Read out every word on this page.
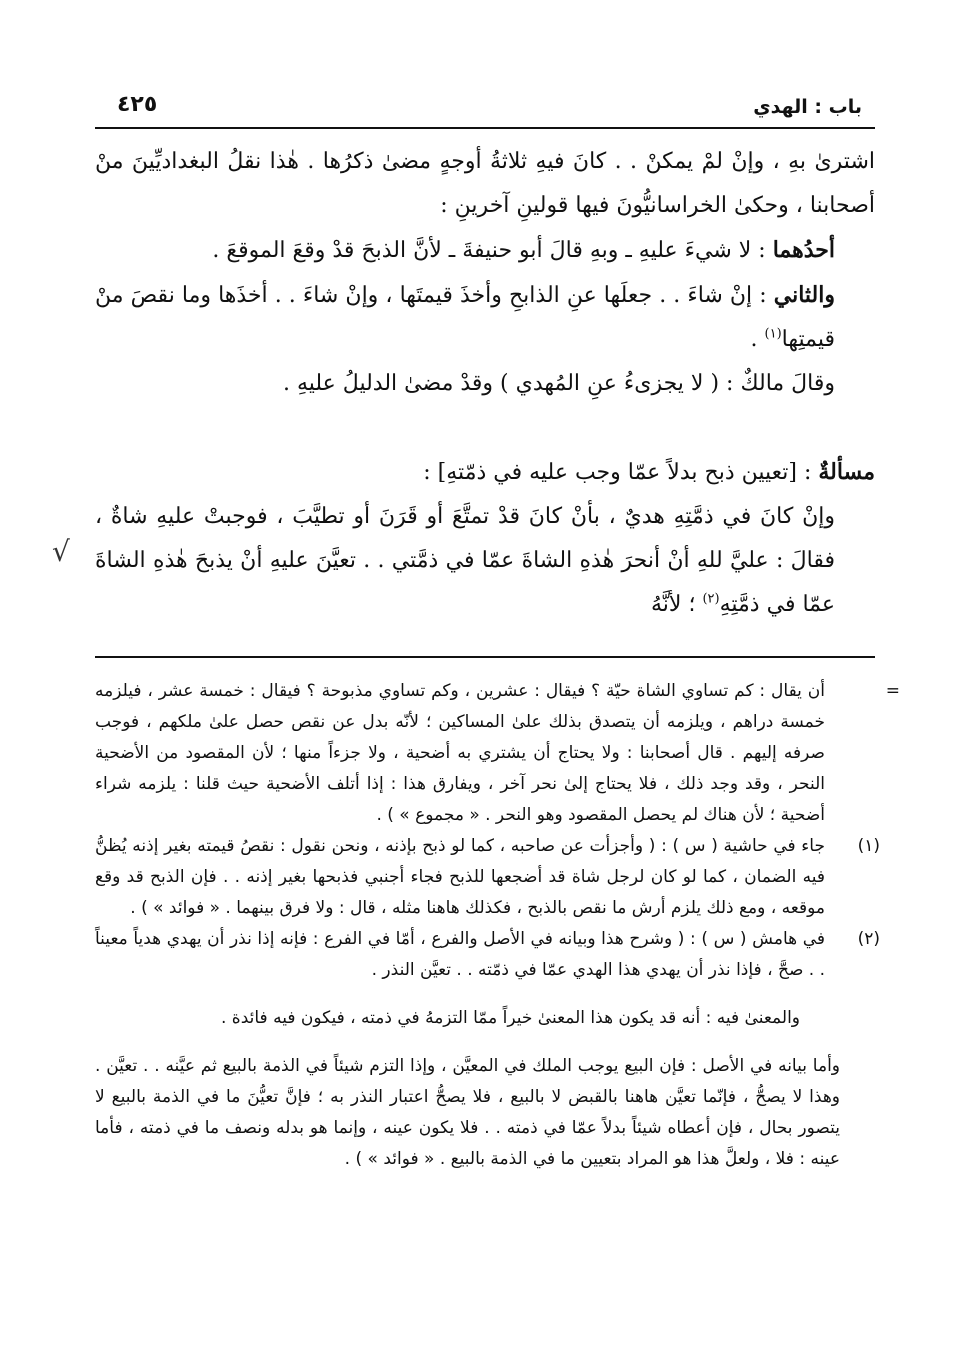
باب : الهدي
٤٢٥

اشترىٰ بهِ ، وإنْ لمْ يمكنْ . . كانَ فيهِ ثلاثةُ أوجهٍ مضىٰ ذكرُها . هٰذا نقلُ البغداديِّينَ منْ أصحابنا ، وحكىٰ الخراسانيُّونَ فيها قولينِ آخرينِ :

أحدُهما : لا شيءَ عليهِ ـ وبهِ قالَ أبو حنيفةَ ـ لأنَّ الذبحَ قدْ وقعَ الموقعَ .

والثاني : إنْ شاءَ . . جعلَها عنِ الذابحِ وأخذَ قيمتَها ، وإنْ شاءَ . . أخذَها وما نقصَ منْ قيمتِها$^{(١)}$ .

وقالَ مالكٌ : ( لا يجزىءُ عنِ المُهدي ) وقدْ مضىٰ الدليلُ عليهِ .

مسألةٌ : [تعيين ذبح بدلاً عمّا وجب عليه في ذمّتهِ] :

وإنْ كانَ في ذمَّتِهِ هديٌ ، بأنْ كانَ قدْ تمتَّعَ أو قَرَنَ أو تطيَّبَ ، فوجبتْ عليهِ شاةٌ ، فقالَ : عليَّ للهِ أنْ أنحرَ هٰذهِ الشاةَ عمّا في ذمَّتي . . تعيَّنَ عليهِ أنْ يذبحَ هٰذهِ الشاةَ عمّا في ذمَّتِهِ$^{(٢)}$ ؛ لأنَّهُ

√
=
أن يقال : كم تساوي الشاة حيّة ؟ فيقال : عشرين ، وكم تساوي مذبوحة ؟ فيقال : خمسة عشر ، فيلزمه خمسة دراهم ، ويلزمه أن يتصدق بذلك علىٰ المساكين ؛ لأنّه بدل عن نقص حصل علىٰ ملكهم ، فوجب صرفه إليهم . قال أصحابنا : ولا يحتاج أن يشتري به أضحية ، ولا جزءاً منها ؛ لأن المقصود من الأضحية النحر ، وقد وجد ذلك ، فلا يحتاج إلىٰ نحر آخر ، ويفارق هذا : إذا أتلف الأضحية حيث قلنا : يلزمه شراء أضحية ؛ لأن هناك لم يحصل المقصود وهو النحر . « مجموع » ) .
(١)
جاء في حاشية ( س ) : ( وأجزأت عن صاحبه ، كما لو ذبح بإذنه ، ونحن نقول : نقصُ قيمته بغير إذنه يُظنُّ فيه الضمان ، كما لو كان لرجل شاة قد أضجعها للذبح فجاء أجنبي فذبحها بغير إذنه . . فإن الذبح قد وقع موقعه ، ومع ذلك يلزم أرش ما نقص بالذبح ، فكذلك هاهنا مثله ، قال : ولا فرق بينهما . « فوائد » ) .
(٢)
في هامش ( س ) : ( وشرح هذا وبيانه في الأصل والفرع ، أمّا في الفرع : فإنه إذا نذر أن يهدي هدياً معيناً . . صحَّ ، فإذا نذر أن يهدي هذا الهدي عمّا في ذمّته . . تعيَّن النذر .

والمعنىٰ فيه : أنه قد يكون هذا المعنىٰ خيراً ممّا التزمهُ في ذمته ، فيكون فيه فائدة .

وأما بيانه في الأصل : فإن البيع يوجب الملك في المعيَّن ، وإذا التزم شيئاً في الذمة بالبيع ثم عيَّنه . . تعيَّن . وهذا لا يصحُّ ، فإنّما تعيَّن هاهنا بالقبض لا بالبيع ، فلا يصحُّ اعتبار النذر به ؛ فإنَّ تعيُّنَ ما في الذمة بالبيع لا يتصور بحال ، فإن أعطاه شيئاً بدلاً عمّا في ذمته . . فلا يكون عينه ، وإنما هو بدله ونصف ما في ذمته ، فأما عينه : فلا ، ولعلَّ هذا هو المراد بتعيين ما في الذمة بالبيع . « فوائد » ) .
